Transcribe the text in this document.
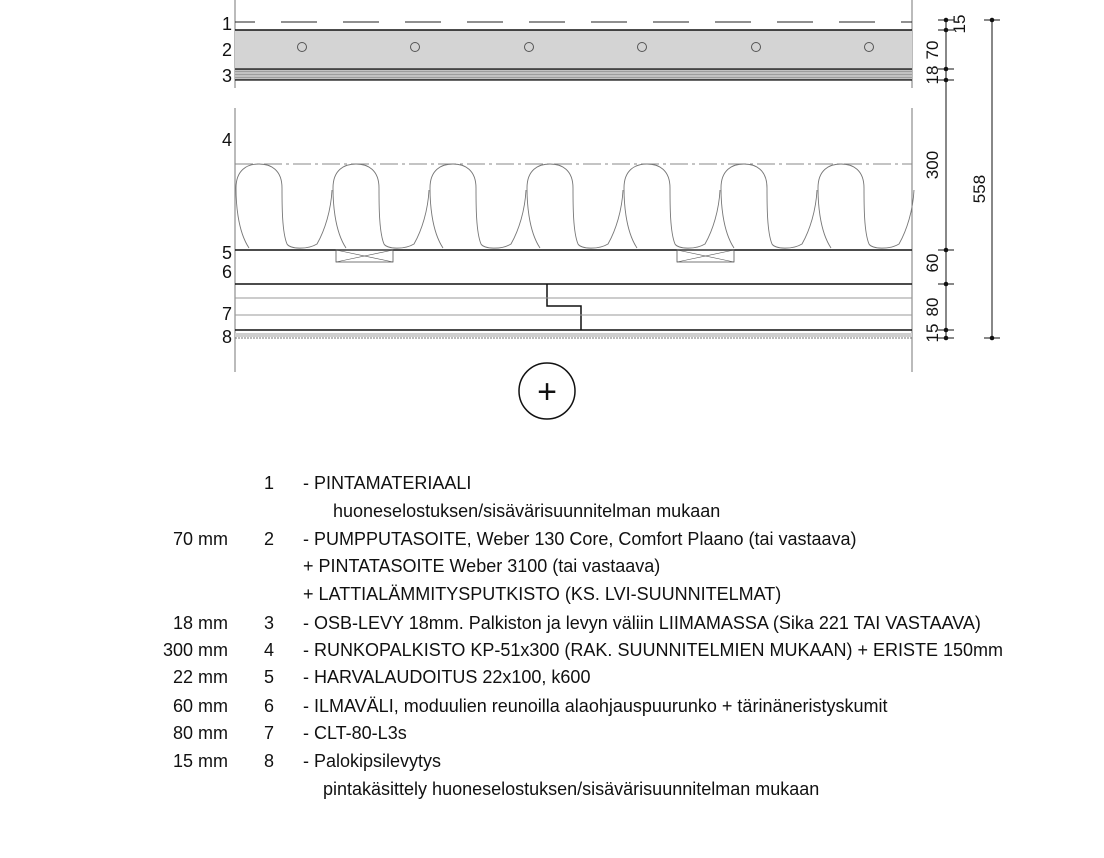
1
2
3
4
5
6
7
8
15
70
18
300
60
80
15
558
+
1 - PINTAMATERIAALI
huoneselostuksen/sisävärisuunnitelman mukaan
70 mm 2 - PUMPPUTASOITE, Weber 130 Core, Comfort Plaano (tai vastaava)
+ PINTATASOITE Weber 3100 (tai vastaava)
+ LATTIALÄMMITYSPUTKISTO (KS. LVI-SUUNNITELMAT)
18 mm 3 - OSB-LEVY 18mm. Palkiston ja levyn väliin LIIMAMASSA (Sika 221 TAI VASTAAVA)
300 mm 4 - RUNKOPALKISTO KP-51x300 (RAK. SUUNNITELMIEN MUKAAN) + ERISTE 150mm
22 mm 5 - HARVALAUDOITUS 22x100, k600
60 mm 6 - ILMAVÄLI, moduulien reunoilla alaohjauspuurunko + tärinäneristyskumit
80 mm 7 - CLT-80-L3s
15 mm 8 - Palokipsilevytys
pintakäsittely huoneselostuksen/sisävärisuunnitelman mukaan
